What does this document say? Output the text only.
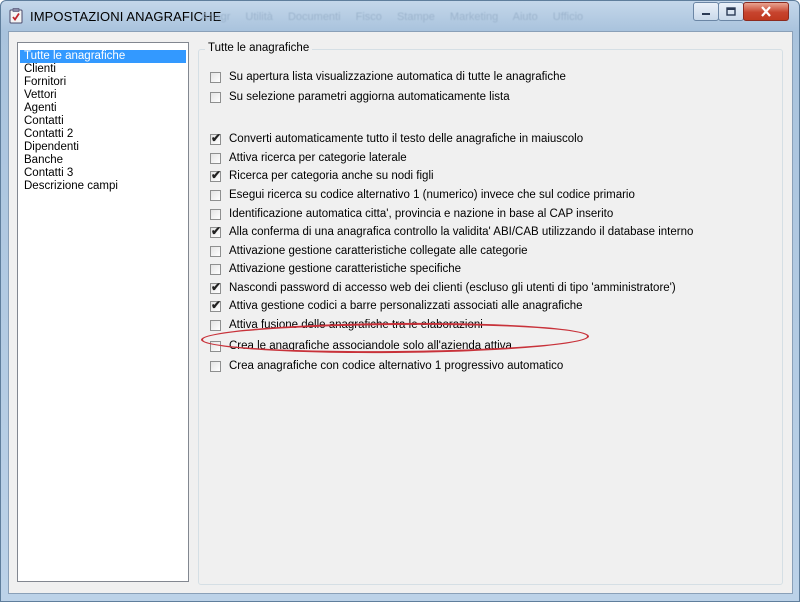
IMPOSTAZIONI ANAGRAFICHE
Anagr Utilità Documenti Fisco Stampe Marketing Aiuto Ufficio
Tutte le anagrafiche
Clienti
Fornitori
Vettori
Agenti
Contatti
Contatti 2
Dipendenti
Banche
Contatti 3
Descrizione campi
Tutte le anagrafiche
Su apertura lista visualizzazione automatica di tutte le anagrafiche
Su selezione parametri aggiorna automaticamente lista
✔ Converti automaticamente tutto il testo delle anagrafiche in maiuscolo
Attiva ricerca per categorie laterale
✔ Ricerca per categoria anche su nodi figli
Esegui ricerca su codice alternativo 1 (numerico) invece che sul codice primario
Identificazione automatica citta', provincia e nazione in base al CAP inserito
✔ Alla conferma di una anagrafica controllo la validita' ABI/CAB utilizzando il database interno
Attivazione gestione caratteristiche collegate alle categorie
Attivazione gestione caratteristiche specifiche
✔ Nascondi password di accesso web dei clienti (escluso gli utenti di tipo 'amministratore')
✔ Attiva gestione codici a barre personalizzati associati alle anagrafiche
Attiva fusione delle anagrafiche tra le elaborazioni
Crea le anagrafiche associandole solo all'azienda attiva
Crea anagrafiche con codice alternativo 1 progressivo automatico
